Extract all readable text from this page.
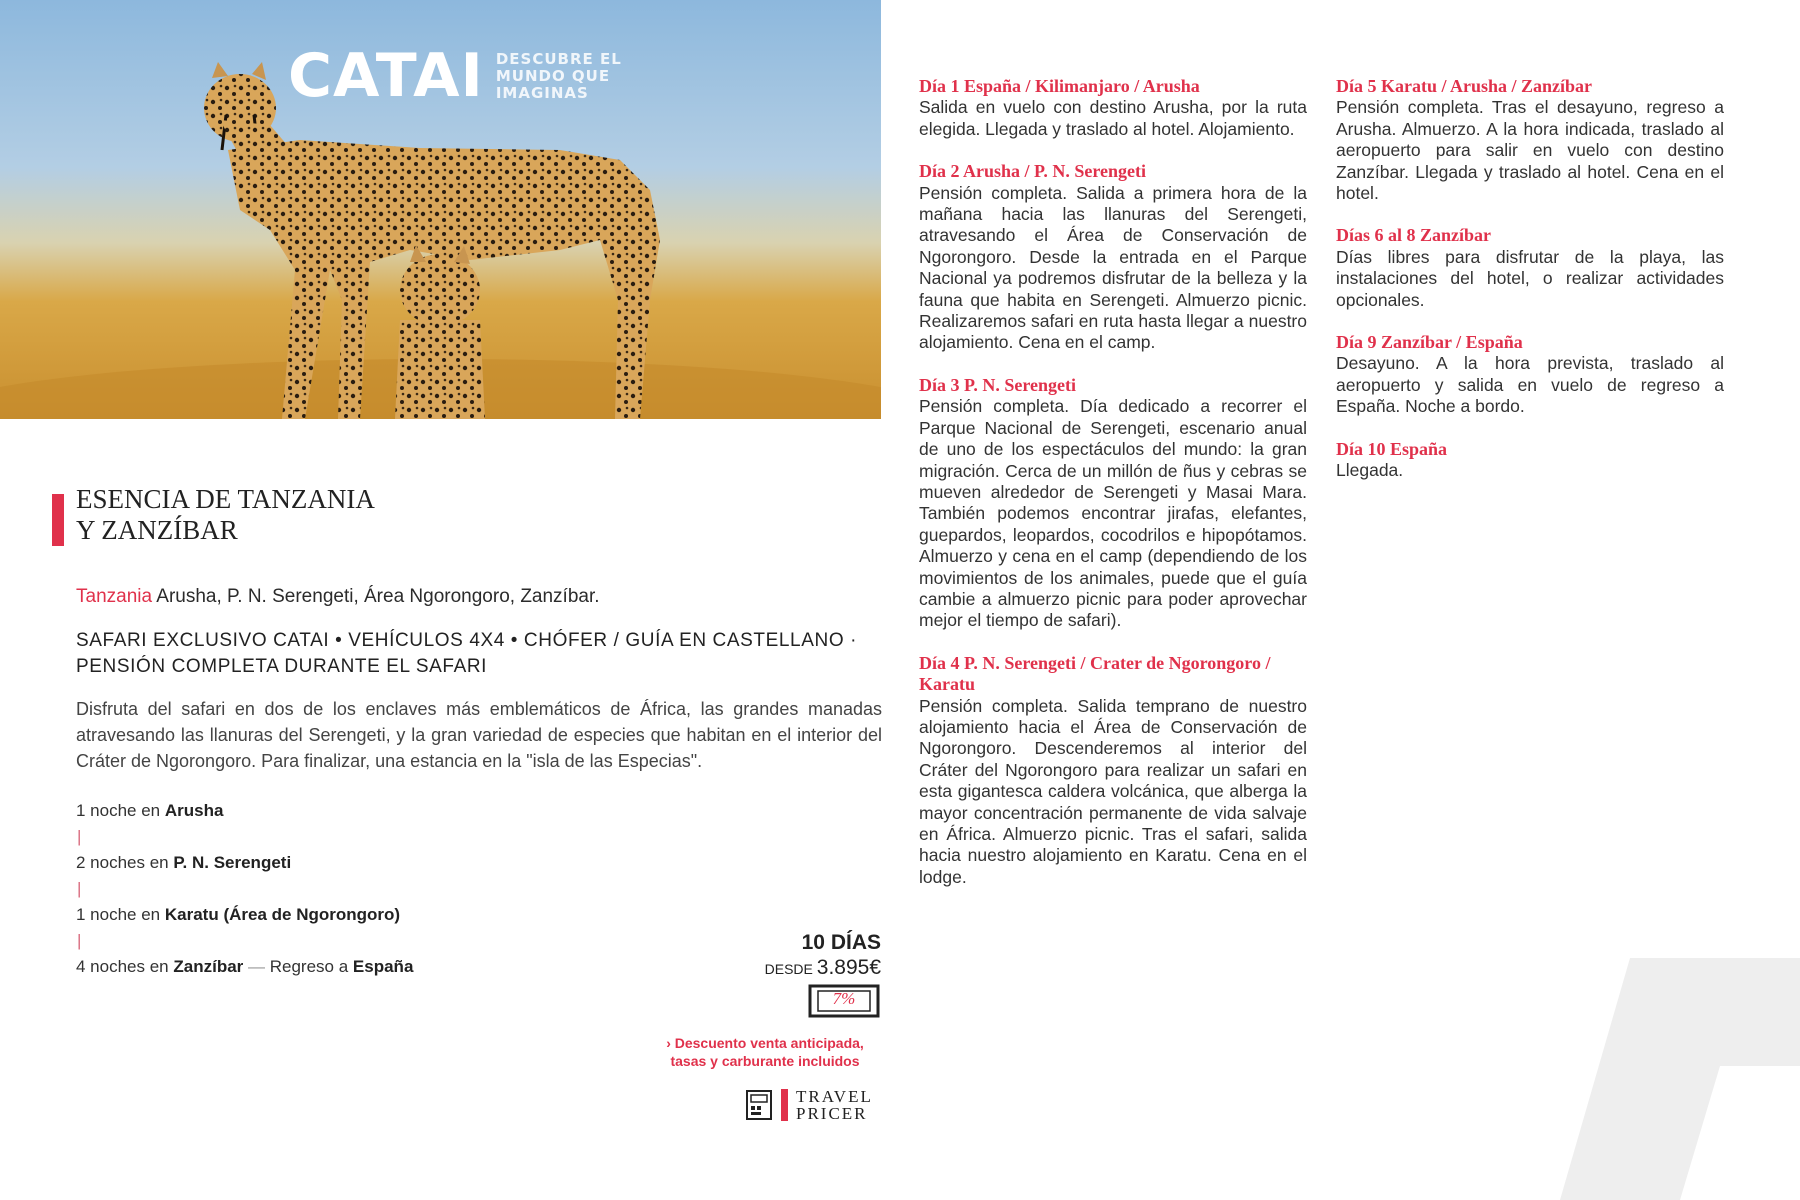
CATAI DESCUBRE EL
MUNDO QUE
IMAGINAS
ESENCIA DE TANZANIA
Y ZANZÍBAR
Tanzania Arusha, P. N. Serengeti, Área Ngorongoro, Zanzíbar.
SAFARI EXCLUSIVO CATAI • VEHÍCULOS 4X4 • CHÓFER / GUÍA EN CASTELLANO · PENSIÓN COMPLETA DURANTE EL SAFARI
Disfruta del safari en dos de los enclaves más emblemáticos de África, las grandes manadas atravesando las llanuras del Serengeti, y la gran variedad de especies que habitan en el interior del Cráter de Ngorongoro. Para finalizar, una estancia en la "isla de las Especias".
1 noche en Arusha
|
2 noches en P. N. Serengeti
|
1 noche en Karatu (Área de Ngorongoro)
|
4 noches en Zanzíbar — Regreso a España
10 DÍAS
DESDE 3.895€
7%
› Descuento venta anticipada,
tasas y carburante incluidos
TRAVEL
PRICER
Día 1 España / Kilimanjaro / Arusha
Salida en vuelo con destino Arusha, por la ruta elegida. Llegada y traslado al hotel. Alojamiento.
Día 2 Arusha / P. N. Serengeti
Pensión completa. Salida a primera hora de la mañana hacia las llanuras del Serengeti, atravesando el Área de Conservación de Ngorongoro. Desde la entrada en el Parque Nacional ya podremos disfrutar de la belleza y la fauna que habita en Serengeti. Almuerzo picnic. Realizaremos safari en ruta hasta llegar a nuestro alojamiento. Cena en el camp.
Día 3 P. N. Serengeti
Pensión completa. Día dedicado a recorrer el Parque Nacional de Serengeti, escenario anual de uno de los espectáculos del mundo: la gran migración. Cerca de un millón de ñus y cebras se mueven alrededor de Serengeti y Masai Mara. También podemos encontrar jirafas, elefantes, guepardos, leopardos, cocodrilos e hipopótamos. Almuerzo y cena en el camp (dependiendo de los movimientos de los animales, puede que el guía cambie a almuerzo picnic para poder aprovechar mejor el tiempo de safari).
Día 4 P. N. Serengeti / Crater de Ngorongoro / Karatu
Pensión completa. Salida temprano de nuestro alojamiento hacia el Área de Conservación de Ngorongoro. Descenderemos al interior del Cráter del Ngorongoro para realizar un safari en esta gigantesca caldera volcánica, que alberga la mayor concentración permanente de vida salvaje en África. Almuerzo picnic. Tras el safari, salida hacia nuestro alojamiento en Karatu. Cena en el lodge.
Día 5 Karatu / Arusha / Zanzíbar
Pensión completa. Tras el desayuno, regreso a Arusha. Almuerzo. A la hora indicada, traslado al aeropuerto para salir en vuelo con destino Zanzíbar. Llegada y traslado al hotel. Cena en el hotel.
Días 6 al 8 Zanzíbar
Días libres para disfrutar de la playa, las instalaciones del hotel, o realizar actividades opcionales.
Día 9 Zanzíbar / España
Desayuno. A la hora prevista, traslado al aeropuerto y salida en vuelo de regreso a España. Noche a bordo.
Día 10 España
Llegada.
